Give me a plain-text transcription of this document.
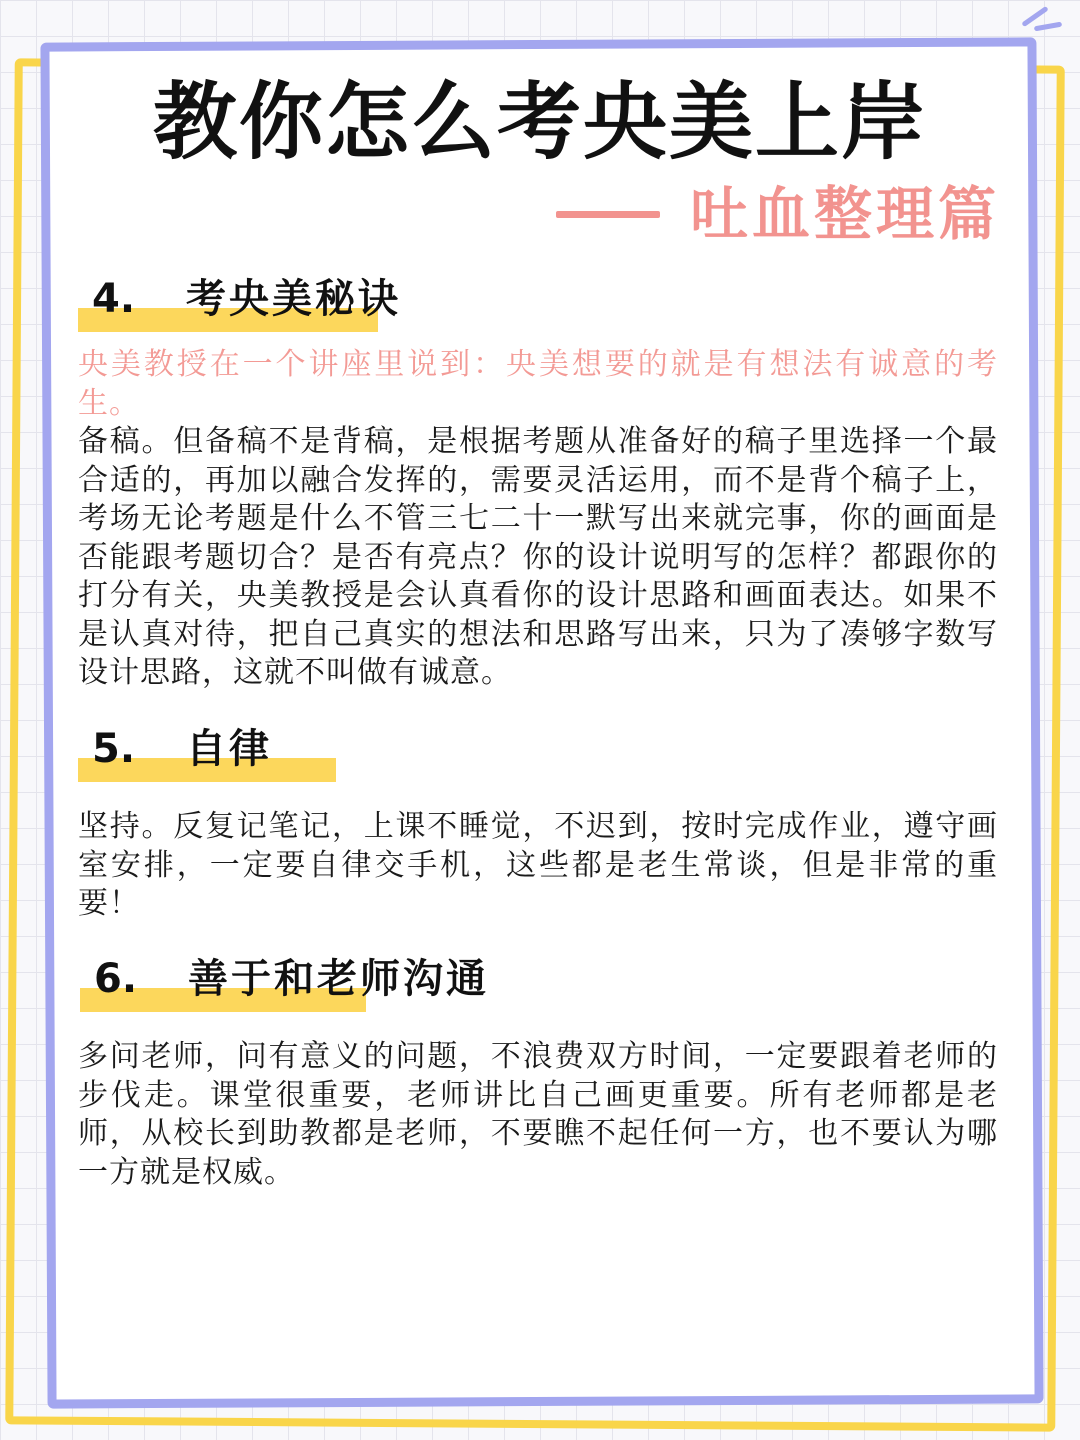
教你怎么考央美上岸
吐血整理篇
4. 考央美秘诀
央美教授在一个讲座里说到：央美想要的就是有想法有诚意的考生。
备稿。但备稿不是背稿，是根据考题从准备好的稿子里选择一个最合适的，再加以融合发挥的，需要灵活运用，而不是背个稿子上，考场无论考题是什么不管三七二十一默写出来就完事，你的画面是否能跟考题切合？是否有亮点？你的设计说明写的怎样？都跟你的打分有关，央美教授是会认真看你的设计思路和画面表达。如果不是认真对待，把自己真实的想法和思路写出来，只为了凑够字数写设计思路，这就不叫做有诚意。
5. 自律
坚持。反复记笔记，上课不睡觉，不迟到，按时完成作业，遵守画室安排，一定要自律交手机，这些都是老生常谈，但是非常的重要！
6. 善于和老师沟通
多问老师，问有意义的问题，不浪费双方时间，一定要跟着老师的步伐走。课堂很重要，老师讲比自己画更重要。所有老师都是老师，从校长到助教都是老师，不要瞧不起任何一方，也不要认为哪一方就是权威。
